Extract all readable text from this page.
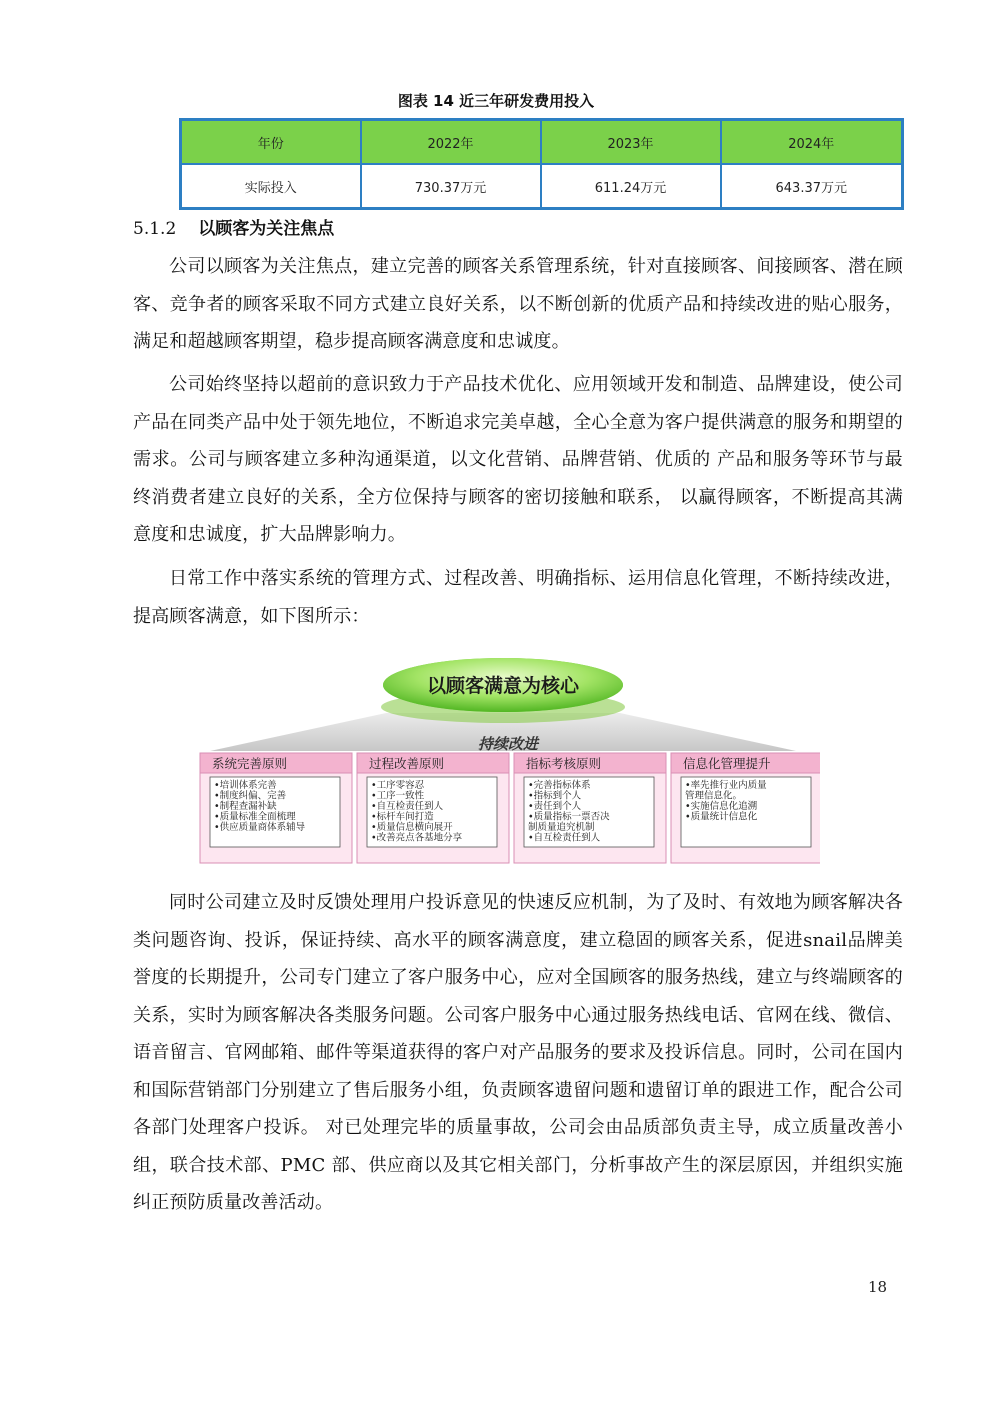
图表 14 近三年研发费用投入
年份	2022年	2023年	2024年
实际投入	730.37万元	611.24万元	643.37万元
5.1.2 以顾客为关注焦点
公司以顾客为关注焦点，建立完善的顾客关系管理系统，针对直接顾客、间接顾客、潜在顾客、竞争者的顾客采取不同方式建立良好关系，以不断创新的优质产品和持续改进的贴心服务，满足和超越顾客期望，稳步提高顾客满意度和忠诚度。
公司始终坚持以超前的意识致力于产品技术优化、应用领域开发和制造、品牌建设，使公司产品在同类产品中处于领先地位，不断追求完美卓越，全心全意为客户提供满意的服务和期望的需求。公司与顾客建立多种沟通渠道，以文化营销、品牌营销、优质的 产品和服务等环节与最终消费者建立良好的关系，全方位保持与顾客的密切接触和联系， 以赢得顾客，不断提高其满意度和忠诚度，扩大品牌影响力。
日常工作中落实系统的管理方式、过程改善、明确指标、运用信息化管理，不断持续改进，提高顾客满意，如下图所示：
以顾客满意为核心
持续改进
系统完善原则
•培训体系完善
•制度纠偏、完善
•制程查漏补缺
•质量标准全面梳理
•供应质量商体系辅导
过程改善原则
•工序零容忍
•工序一致性
•自互检责任到人
•标杆车间打造
•质量信息横向展开
•改善亮点各基地分享
指标考核原则
•完善指标体系
•指标到个人
•责任到个人
•质量指标一票否决
制质量追究机制
•自互检责任到人
信息化管理提升
•率先推行业内质量
管理信息化。
•实施信息化追溯
•质量统计信息化
同时公司建立及时反馈处理用户投诉意见的快速反应机制，为了及时、有效地为顾客解决各类问题咨询、投诉，保证持续、高水平的顾客满意度，建立稳固的顾客关系，促进snail品牌美誉度的长期提升，公司专门建立了客户服务中心，应对全国顾客的服务热线，建立与终端顾客的关系，实时为顾客解决各类服务问题。公司客户服务中心通过服务热线电话、官网在线、微信、语音留言、官网邮箱、邮件等渠道获得的客户对产品服务的要求及投诉信息。同时，公司在国内和国际营销部门分别建立了售后服务小组，负责顾客遗留问题和遗留订单的跟进工作，配合公司各部门处理客户投诉。 对已处理完毕的质量事故，公司会由品质部负责主导，成立质量改善小组，联合技术部、PMC 部、供应商以及其它相关部门，分析事故产生的深层原因，并组织实施纠正预防质量改善活动。
18
